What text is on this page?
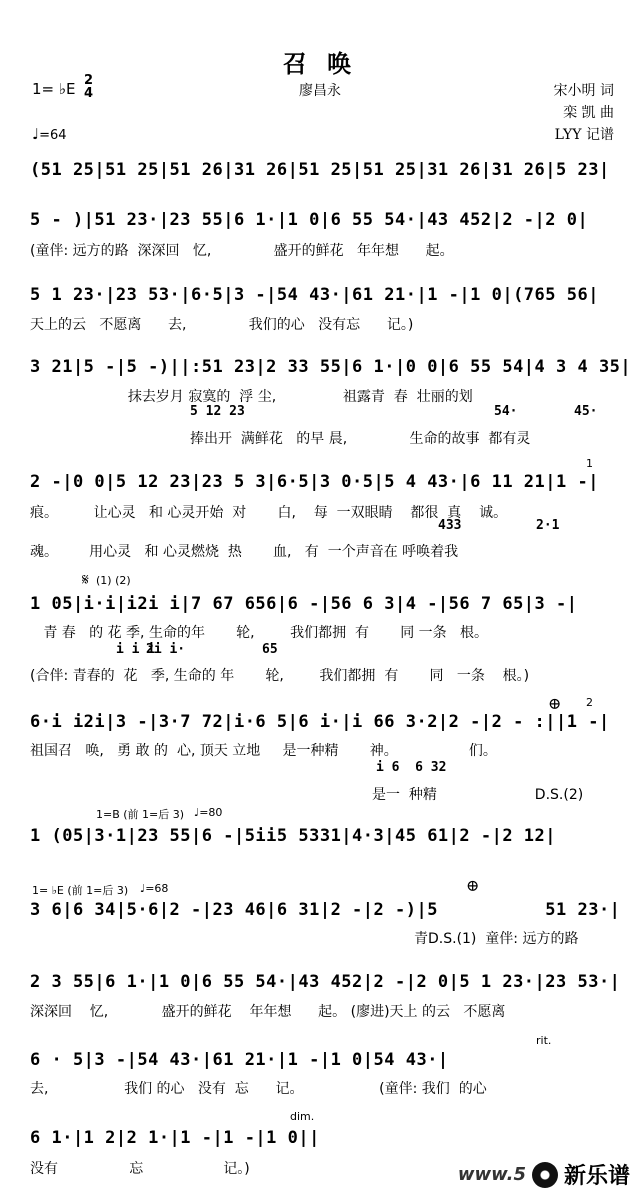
召 唤
廖昌永
1= ♭E 2
4	宋小明 词
栾 凯 曲
LYY 记谱
♩=64
(51 25|51 25|51 26|31 26|51 25|51 25|31 26|31 26|5 23|
5 - )|51 23·|23 55|6 1·|1 0|6 55 54·|43 452|2 -|2 0|
(童伴: 远方的路  深深回   忆,              盛开的鲜花   年年想      起。
5 1 23·|23 53·|6·5|3 -|54 43·|61 21·|1 -|1 0|(765 56|
天上的云   不愿离      去,              我们的心   没有忘      记。)
3 21|5 -|5 -)||:51 23|2 33 55|6 1·|0 0|6 55 54|4 3 4 35|
抹去岁月 寂寞的  浮 尘,               祖露青  春  壮丽的划
5 12 23	54·	45·
捧出开  满鲜花   的早 晨,              生命的故事  都有灵
2 -|0 0|5 12 23|23 5 3|6·5|3 0·5|5 4 43·|6 11 21|1 -|
1
痕。        让心灵   和 心灵开始  对       白,    每  一双眼睛    都很  真    诚。
433	2·1
魂。       用心灵   和 心灵燃烧  热       血,   有  一个声音在 呼唤着我
𝄋 (1) (2)
1 05|i·i|i2i i|7 67 656|6 -|56 6 3|4 -|56 7 65|3 -|
青 春   的 花 季, 生命的年       轮,        我们都拥  有       同 一条   根。
i i i
2i i·	65
(合伴: 青春的  花   季, 生命的 年       轮,        我们都拥  有       同   一条    根。)
⊕ 2
6·i i2i|3 -|3·7 72|i·6 5|6 i·|i 66 3·2|2 -|2 - :||1 -|
祖国召   唤,   勇 敢 的  心, 顶天 立地     是一种精       神。                们。
i 6  6 32
是一  种精                      D.S.(2)
1=B (前 1=后 3) ♩=80
1 (05|3·1|23 55|6 -|5ii5 5331|4·3|45 61|2 -|2 12|
1= ♭E (前 1=后 3) ♩=68	⊕
3 6|6 34|5·6|2 -|23 46|6 31|2 -|2 -)|5          51 23·|
青D.S.(1)  童伴: 远方的路
2 3 55|6 1·|1 0|6 55 54·|43 452|2 -|2 0|5 1 23·|23 53·|
深深回    忆,            盛开的鲜花    年年想      起。 (廖进)天上 的云   不愿离
rit.
6 · 5|3 -|54 43·|61 21·|1 -|1 0|54 43·|
去,                 我们 的心   没有  忘      记。                 (童伴: 我们  的心
dim.
6 1·|1 2|2 1·|1 -|1 -|1 0||
没有                忘                  记。)	www.5 新乐谱
